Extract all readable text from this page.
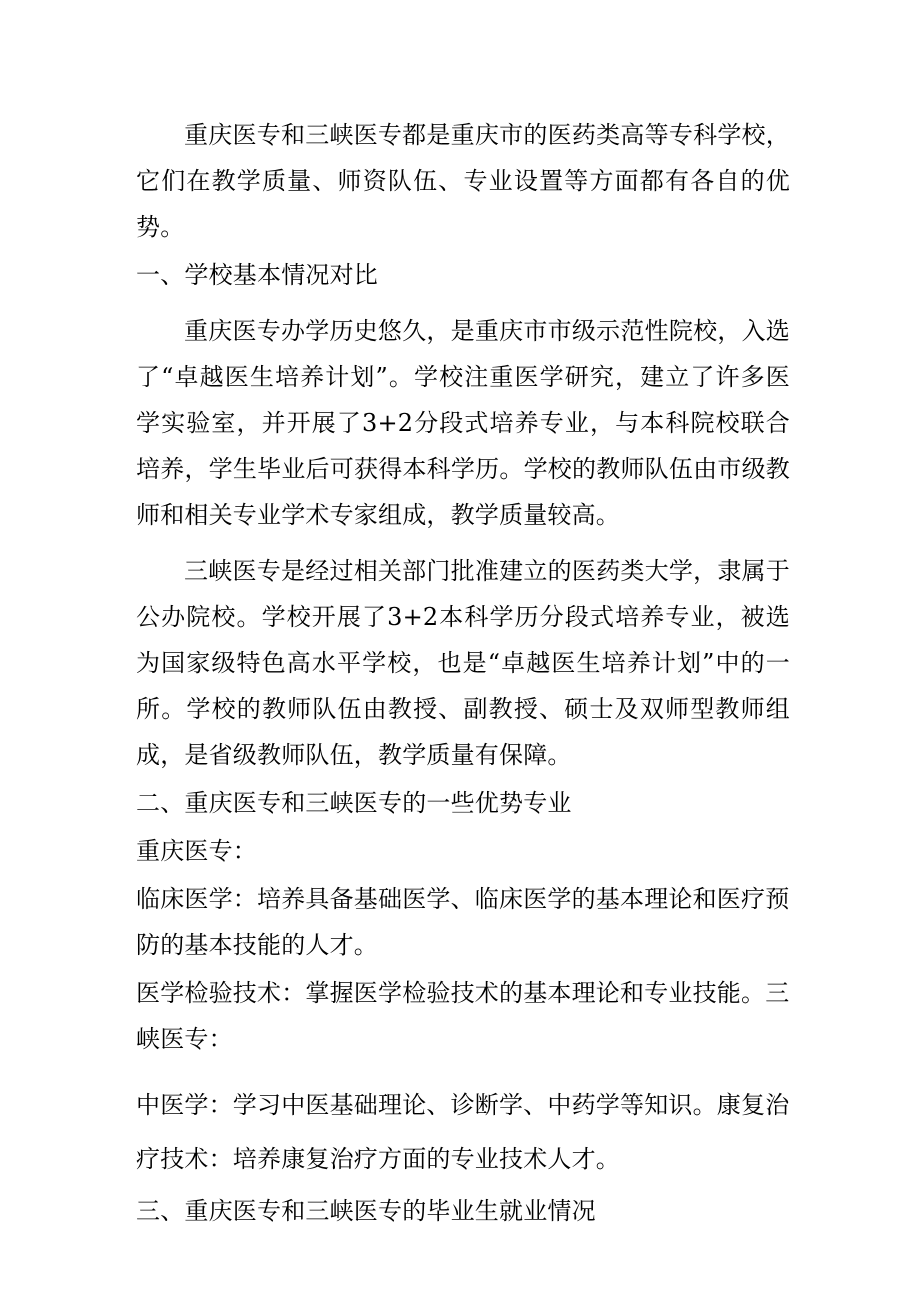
重庆医专和三峡医专都是重庆市的医药类高等专科学校，它们在教学质量、师资队伍、专业设置等方面都有各自的优势。

一、学校基本情况对比

重庆医专办学历史悠久，是重庆市市级示范性院校，入选了“卓越医生培养计划”。学校注重医学研究，建立了许多医学实验室，并开展了3+2分段式培养专业，与本科院校联合培养，学生毕业后可获得本科学历。学校的教师队伍由市级教师和相关专业学术专家组成，教学质量较高。

三峡医专是经过相关部门批准建立的医药类大学，隶属于公办院校。学校开展了3+2本科学历分段式培养专业，被选为国家级特色高水平学校，也是“卓越医生培养计划”中的一所。学校的教师队伍由教授、副教授、硕士及双师型教师组成，是省级教师队伍，教学质量有保障。

二、重庆医专和三峡医专的一些优势专业

重庆医专：

临床医学：培养具备基础医学、临床医学的基本理论和医疗预防的基本技能的人才。

医学检验技术：掌握医学检验技术的基本理论和专业技能。三峡医专：

中医学：学习中医基础理论、诊断学、中药学等知识。康复治疗技术：培养康复治疗方面的专业技术人才。

三、重庆医专和三峡医专的毕业生就业情况
